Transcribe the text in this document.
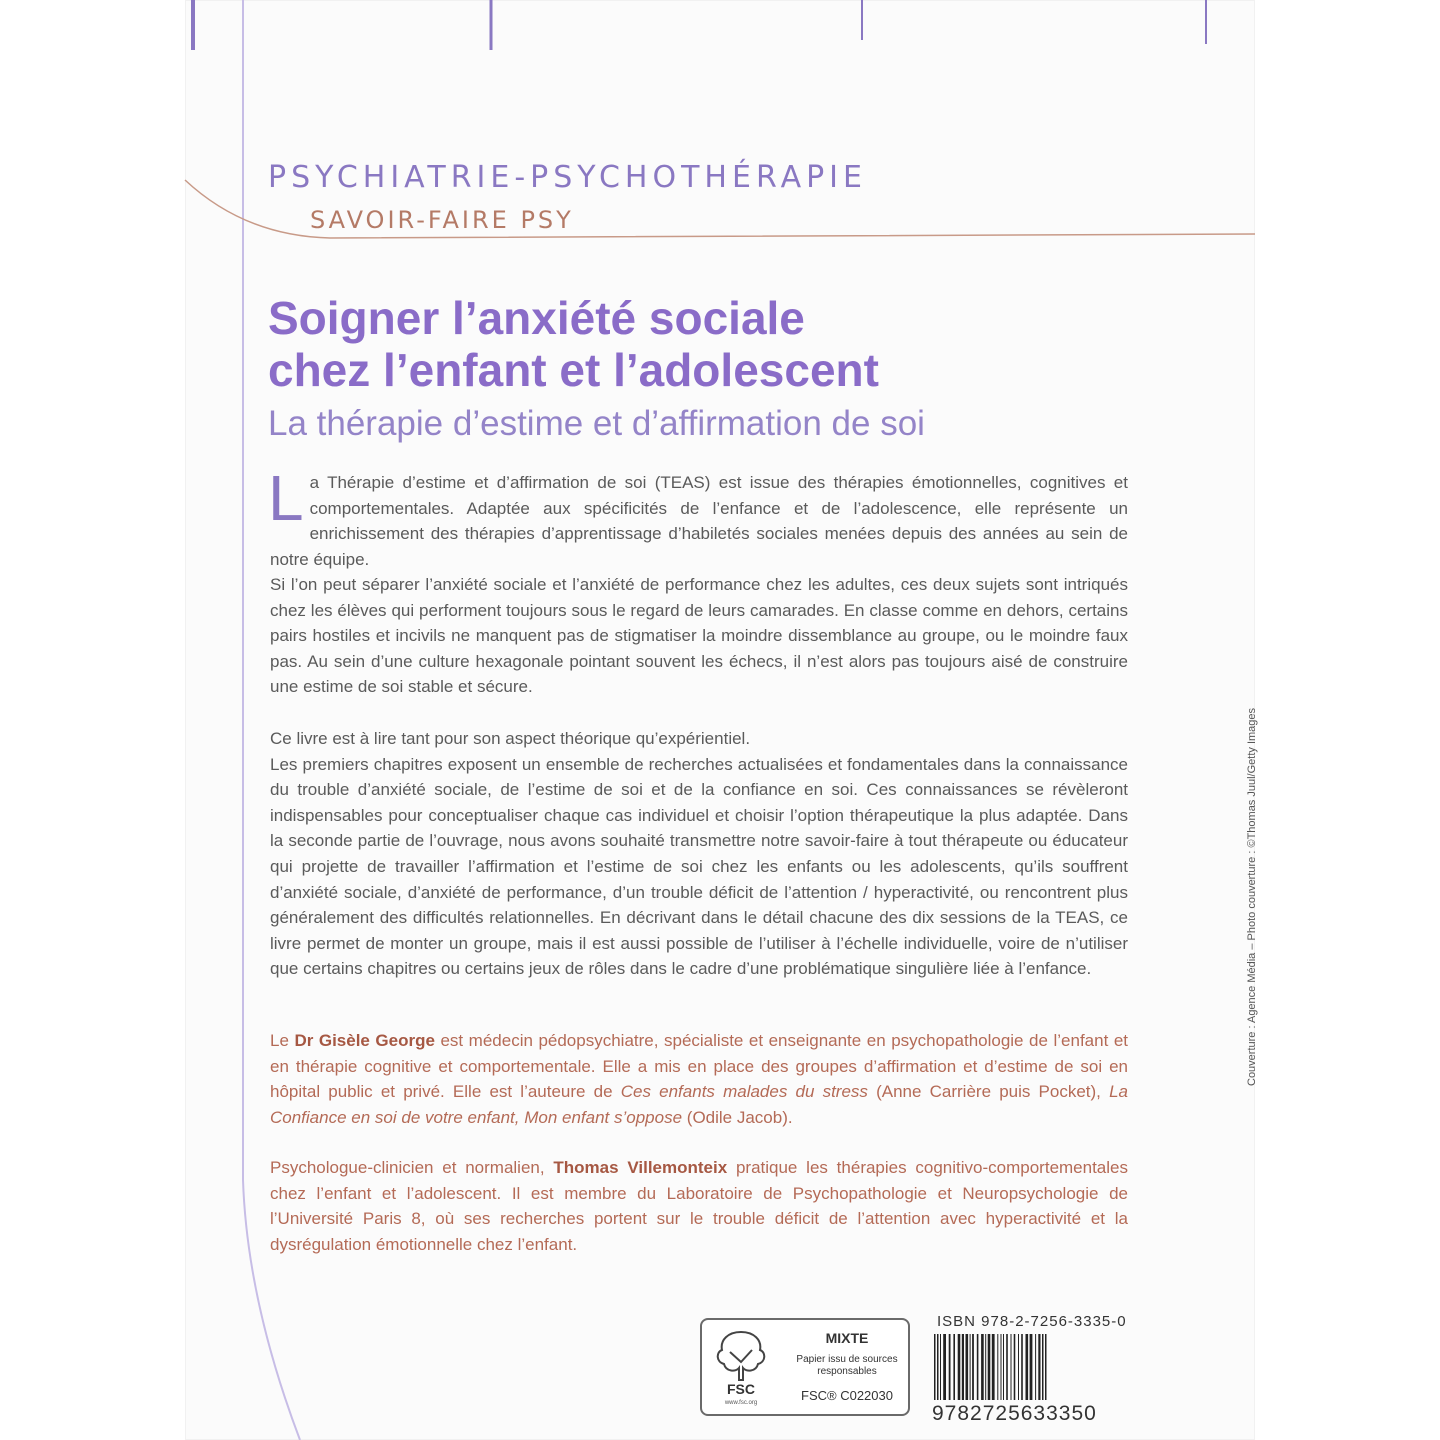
PSYCHIATRIE-PSYCHOTHÉRAPIE
SAVOIR-FAIRE PSY
Soigner l’anxiété sociale
chez l’enfant et l’adolescent
La thérapie d’estime et d’affirmation de soi

La Thérapie d’estime et d’affirmation de soi (TEAS) est issue des thérapies émotionnelles, cognitives et comportementales. Adaptée aux spécificités de l’enfance et de l’adolescence, elle représente un enrichissement des thérapies d’apprentissage d’habiletés sociales menées depuis des années au sein de notre équipe.

Si l’on peut séparer l’anxiété sociale et l’anxiété de performance chez les adultes, ces deux sujets sont intriqués chez les élèves qui performent toujours sous le regard de leurs camarades. En classe comme en dehors, certains pairs hostiles et incivils ne manquent pas de stigmatiser la moindre dissemblance au groupe, ou le moindre faux pas. Au sein d’une culture hexagonale pointant souvent les échecs, il n’est alors pas toujours aisé de construire une estime de soi stable et sécure.

Ce livre est à lire tant pour son aspect théorique qu’expérientiel.
Les premiers chapitres exposent un ensemble de recherches actualisées et fondamentales dans la connaissance du trouble d’anxiété sociale, de l’estime de soi et de la confiance en soi. Ces connaissances se révèleront indispensables pour conceptualiser chaque cas individuel et choisir l’option thérapeutique la plus adaptée. Dans la seconde partie de l’ouvrage, nous avons souhaité transmettre notre savoir-faire à tout thérapeute ou éducateur qui projette de travailler l’affirmation et l’estime de soi chez les enfants ou les adolescents, qu’ils souffrent d’anxiété sociale, d’anxiété de performance, d’un trouble déficit de l’attention / hyperactivité, ou rencontrent plus généralement des difficultés relationnelles. En décrivant dans le détail chacune des dix sessions de la TEAS, ce livre permet de monter un groupe, mais il est aussi possible de l’utiliser à l’échelle individuelle, voire de n’utiliser que certains chapitres ou certains jeux de rôles dans le cadre d’une problématique singulière liée à l’enfance.

Le Dr Gisèle George est médecin pédopsychiatre, spécialiste et enseignante en psychopathologie de l’enfant et en thérapie cognitive et comportementale. Elle a mis en place des groupes d’affirmation et d’estime de soi en hôpital public et privé. Elle est l’auteure de Ces enfants malades du stress (Anne Carrière puis Pocket), La Confiance en soi de votre enfant, Mon enfant s’oppose (Odile Jacob).

Psychologue-clinicien et normalien, Thomas Villemonteix pratique les thérapies cognitivo-comportementales chez l’enfant et l’adolescent. Il est membre du Laboratoire de Psychopathologie et Neuropsychologie de l’Université Paris 8, où ses recherches portent sur le trouble déficit de l’attention avec hyperactivité et la dysrégulation émotionnelle chez l’enfant.

FSC
www.fsc.org
MIXTE
Papier issu de sources responsables
FSC® C022030
ISBN 978-2-7256-3335-0
9782725633350
Couverture : Agence Média – Photo couverture : ©Thomas Juul/Getty Images
